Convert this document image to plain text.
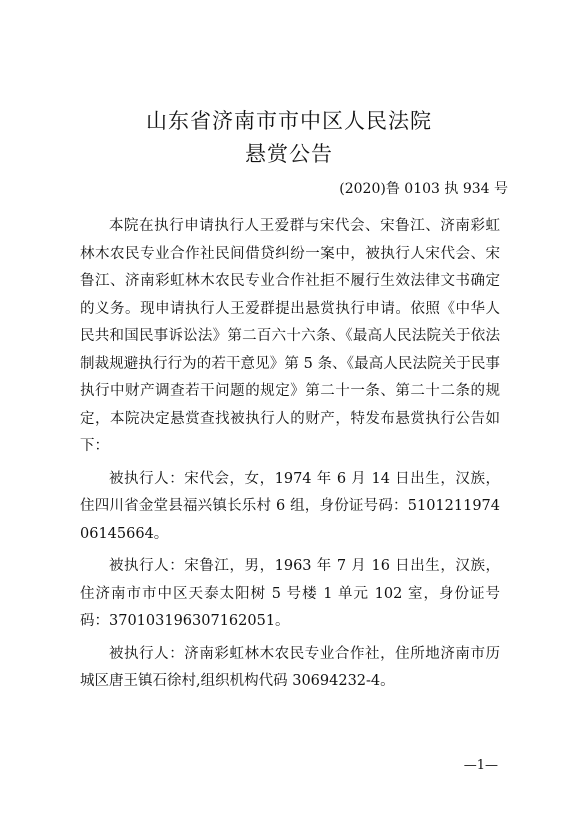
山东省济南市市中区人民法院
悬赏公告
(2020)鲁 0103 执 934 号

本院在执行申请执行人王爱群与宋代会、宋鲁江、济南彩虹林木农民专业合作社民间借贷纠纷一案中，被执行人宋代会、宋鲁江、济南彩虹林木农民专业合作社拒不履行生效法律文书确定的义务。现申请执行人王爱群提出悬赏执行申请。依照《中华人民共和国民事诉讼法》第二百六十六条、《最高人民法院关于依法制裁规避执行行为的若干意见》第 5 条、《最高人民法院关于民事执行中财产调查若干问题的规定》第二十一条、第二十二条的规定，本院决定悬赏查找被执行人的财产，特发布悬赏执行公告如下：

被执行人：宋代会，女，1974 年 6 月 14 日出生，汉族，住四川省金堂县福兴镇长乐村 6 组，身份证号码：510121197406145664。

被执行人：宋鲁江，男，1963 年 7 月 16 日出生，汉族，住济南市市中区天泰太阳树 5 号楼 1 单元 102 室，身份证号码：370103196307162051。

被执行人：济南彩虹林木农民专业合作社，住所地济南市历城区唐王镇石徐村,组织机构代码 30694232-4。

—1—
